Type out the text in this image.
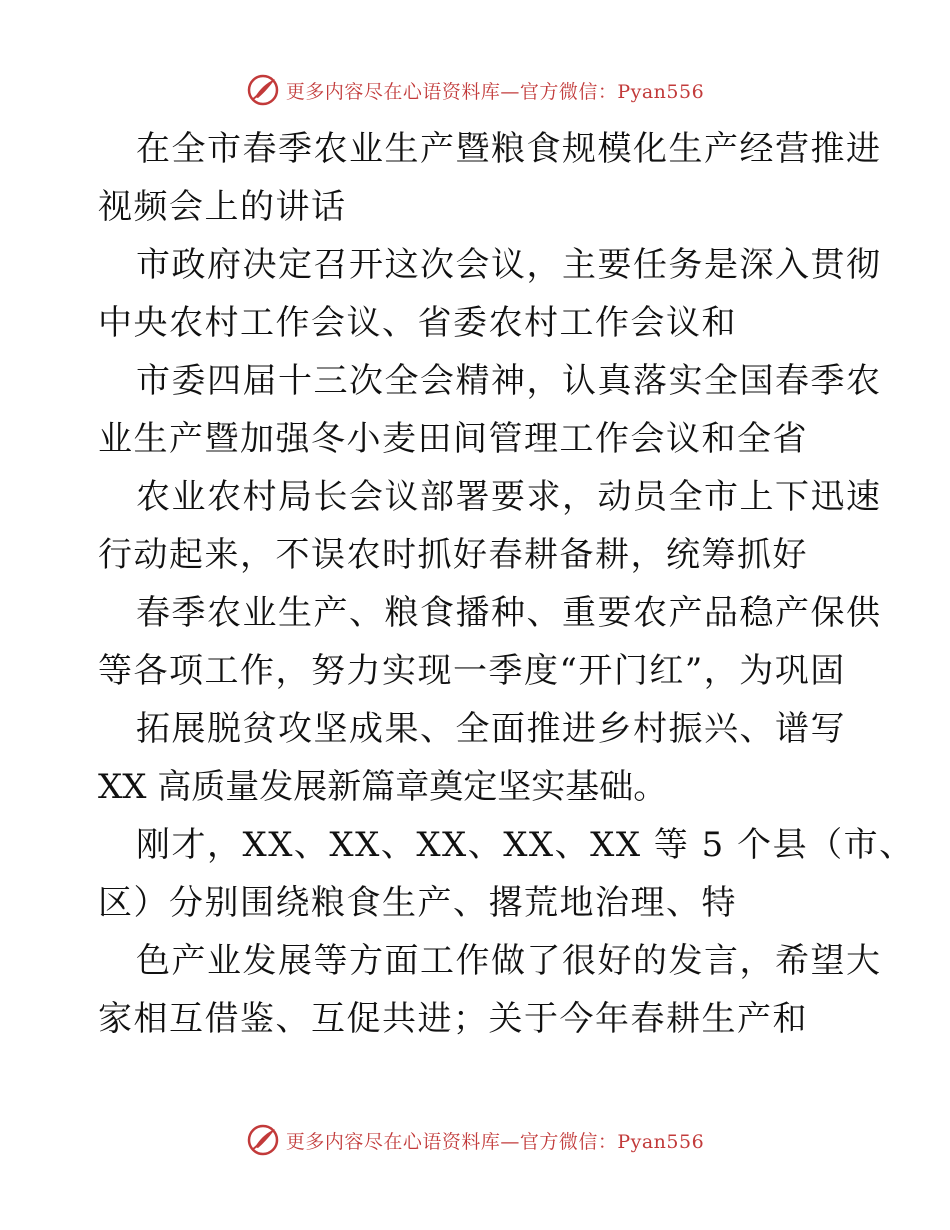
更多内容尽在心语资料库—官方微信：Pyan556
在全市春季农业生产暨粮食规模化生产经营推进
视频会上的讲话
市政府决定召开这次会议，主要任务是深入贯彻
中央农村工作会议、省委农村工作会议和
市委四届十三次全会精神，认真落实全国春季农
业生产暨加强冬小麦田间管理工作会议和全省
农业农村局长会议部署要求，动员全市上下迅速
行动起来，不误农时抓好春耕备耕，统筹抓好
春季农业生产、粮食播种、重要农产品稳产保供
等各项工作，努力实现一季度“开门红”，为巩固
拓展脱贫攻坚成果、全面推进乡村振兴、谱写
XX 高质量发展新篇章奠定坚实基础。
刚才，XX、XX、XX、XX、XX 等 5 个县（市、
区）分别围绕粮食生产、撂荒地治理、特
色产业发展等方面工作做了很好的发言，希望大
家相互借鉴、互促共进；关于今年春耕生产和
更多内容尽在心语资料库—官方微信：Pyan556
